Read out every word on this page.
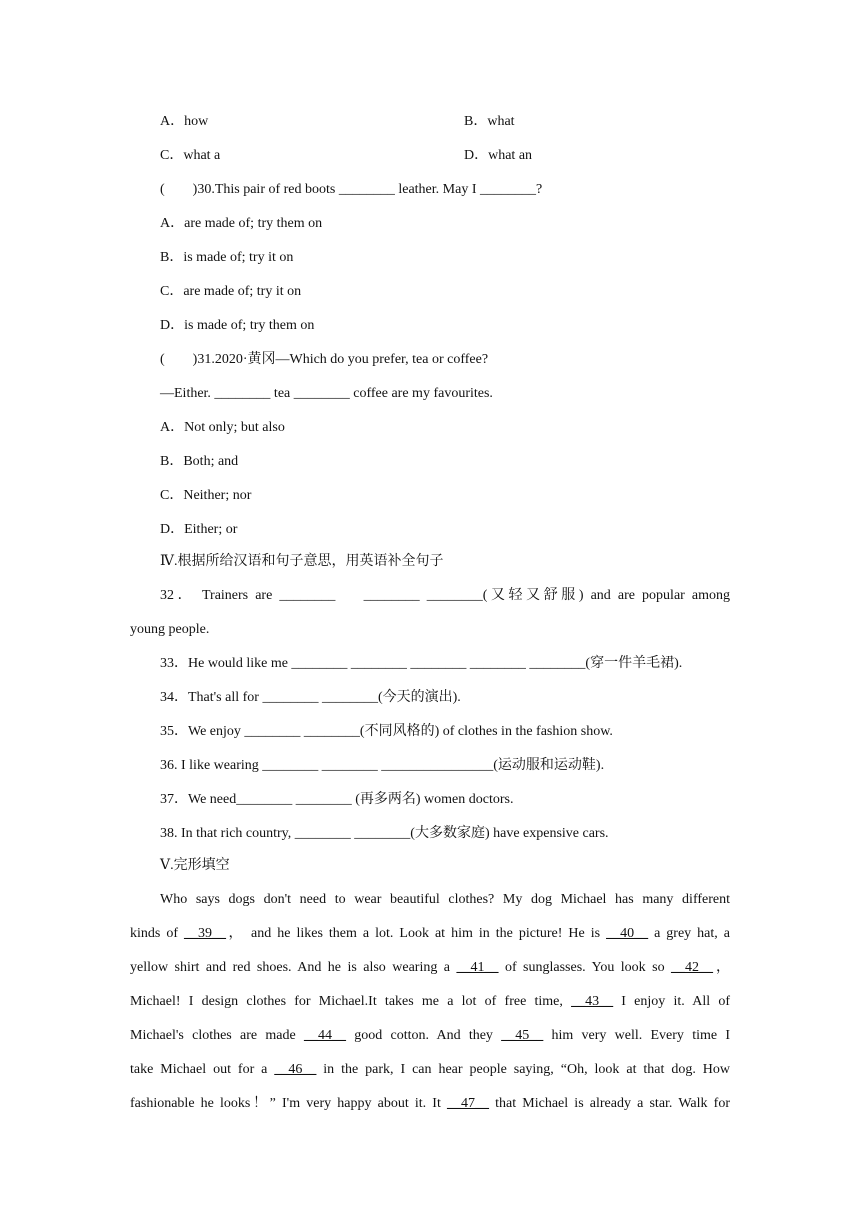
A．how	B．what
C．what a	D．what an
(　　)30.This pair of red boots ________ leather. May I ________?
A．are made of; try them on
B．is made of; try it on
C．are made of; try it on
D．is made of; try them on
(　　)31.2020·黄冈—Which do you prefer, tea or coffee?
—Either. ________ tea ________ coffee are my favourites.
A．Not only; but also
B．Both; and
C．Neither; nor
D．Either; or
Ⅳ.根据所给汉语和句子意思，用英语补全句子
32． Trainers are ________　 ________ ________(又轻又舒服) and are popular among
young people.
33．He would like me ________ ________ ________ ________ ________(穿一件羊毛裙).
34．That's all for ________ ________(今天的演出).
35．We enjoy ________ ________(不同风格的) of clothes in the fashion show.
36. I like wearing ________ ________ ________________(运动服和运动鞋).
37．We need________ ________ (再多两名) women doctors.
38. In that rich country, ________ ________(大多数家庭) have expensive cars.
Ⅴ.完形填空
Who says dogs don't need to wear beautiful clothes? My dog Michael has many different
kinds of __39__， and he likes them a lot. Look at him in the picture! He is __40__ a grey hat, a
yellow shirt and red shoes. And he is also wearing a __41__ of sunglasses. You look so __42__，
Michael! I design clothes for Michael.It takes me a lot of free time, __43__ I enjoy it. All of
Michael's clothes are made __44__ good cotton. And they __45__ him very well. Every time I
take Michael out for a __46__ in the park, I can hear people saying, “Oh, look at that dog. How
fashionable he looks！” I'm very happy about it. It __47__ that Michael is already a star. Walk for
